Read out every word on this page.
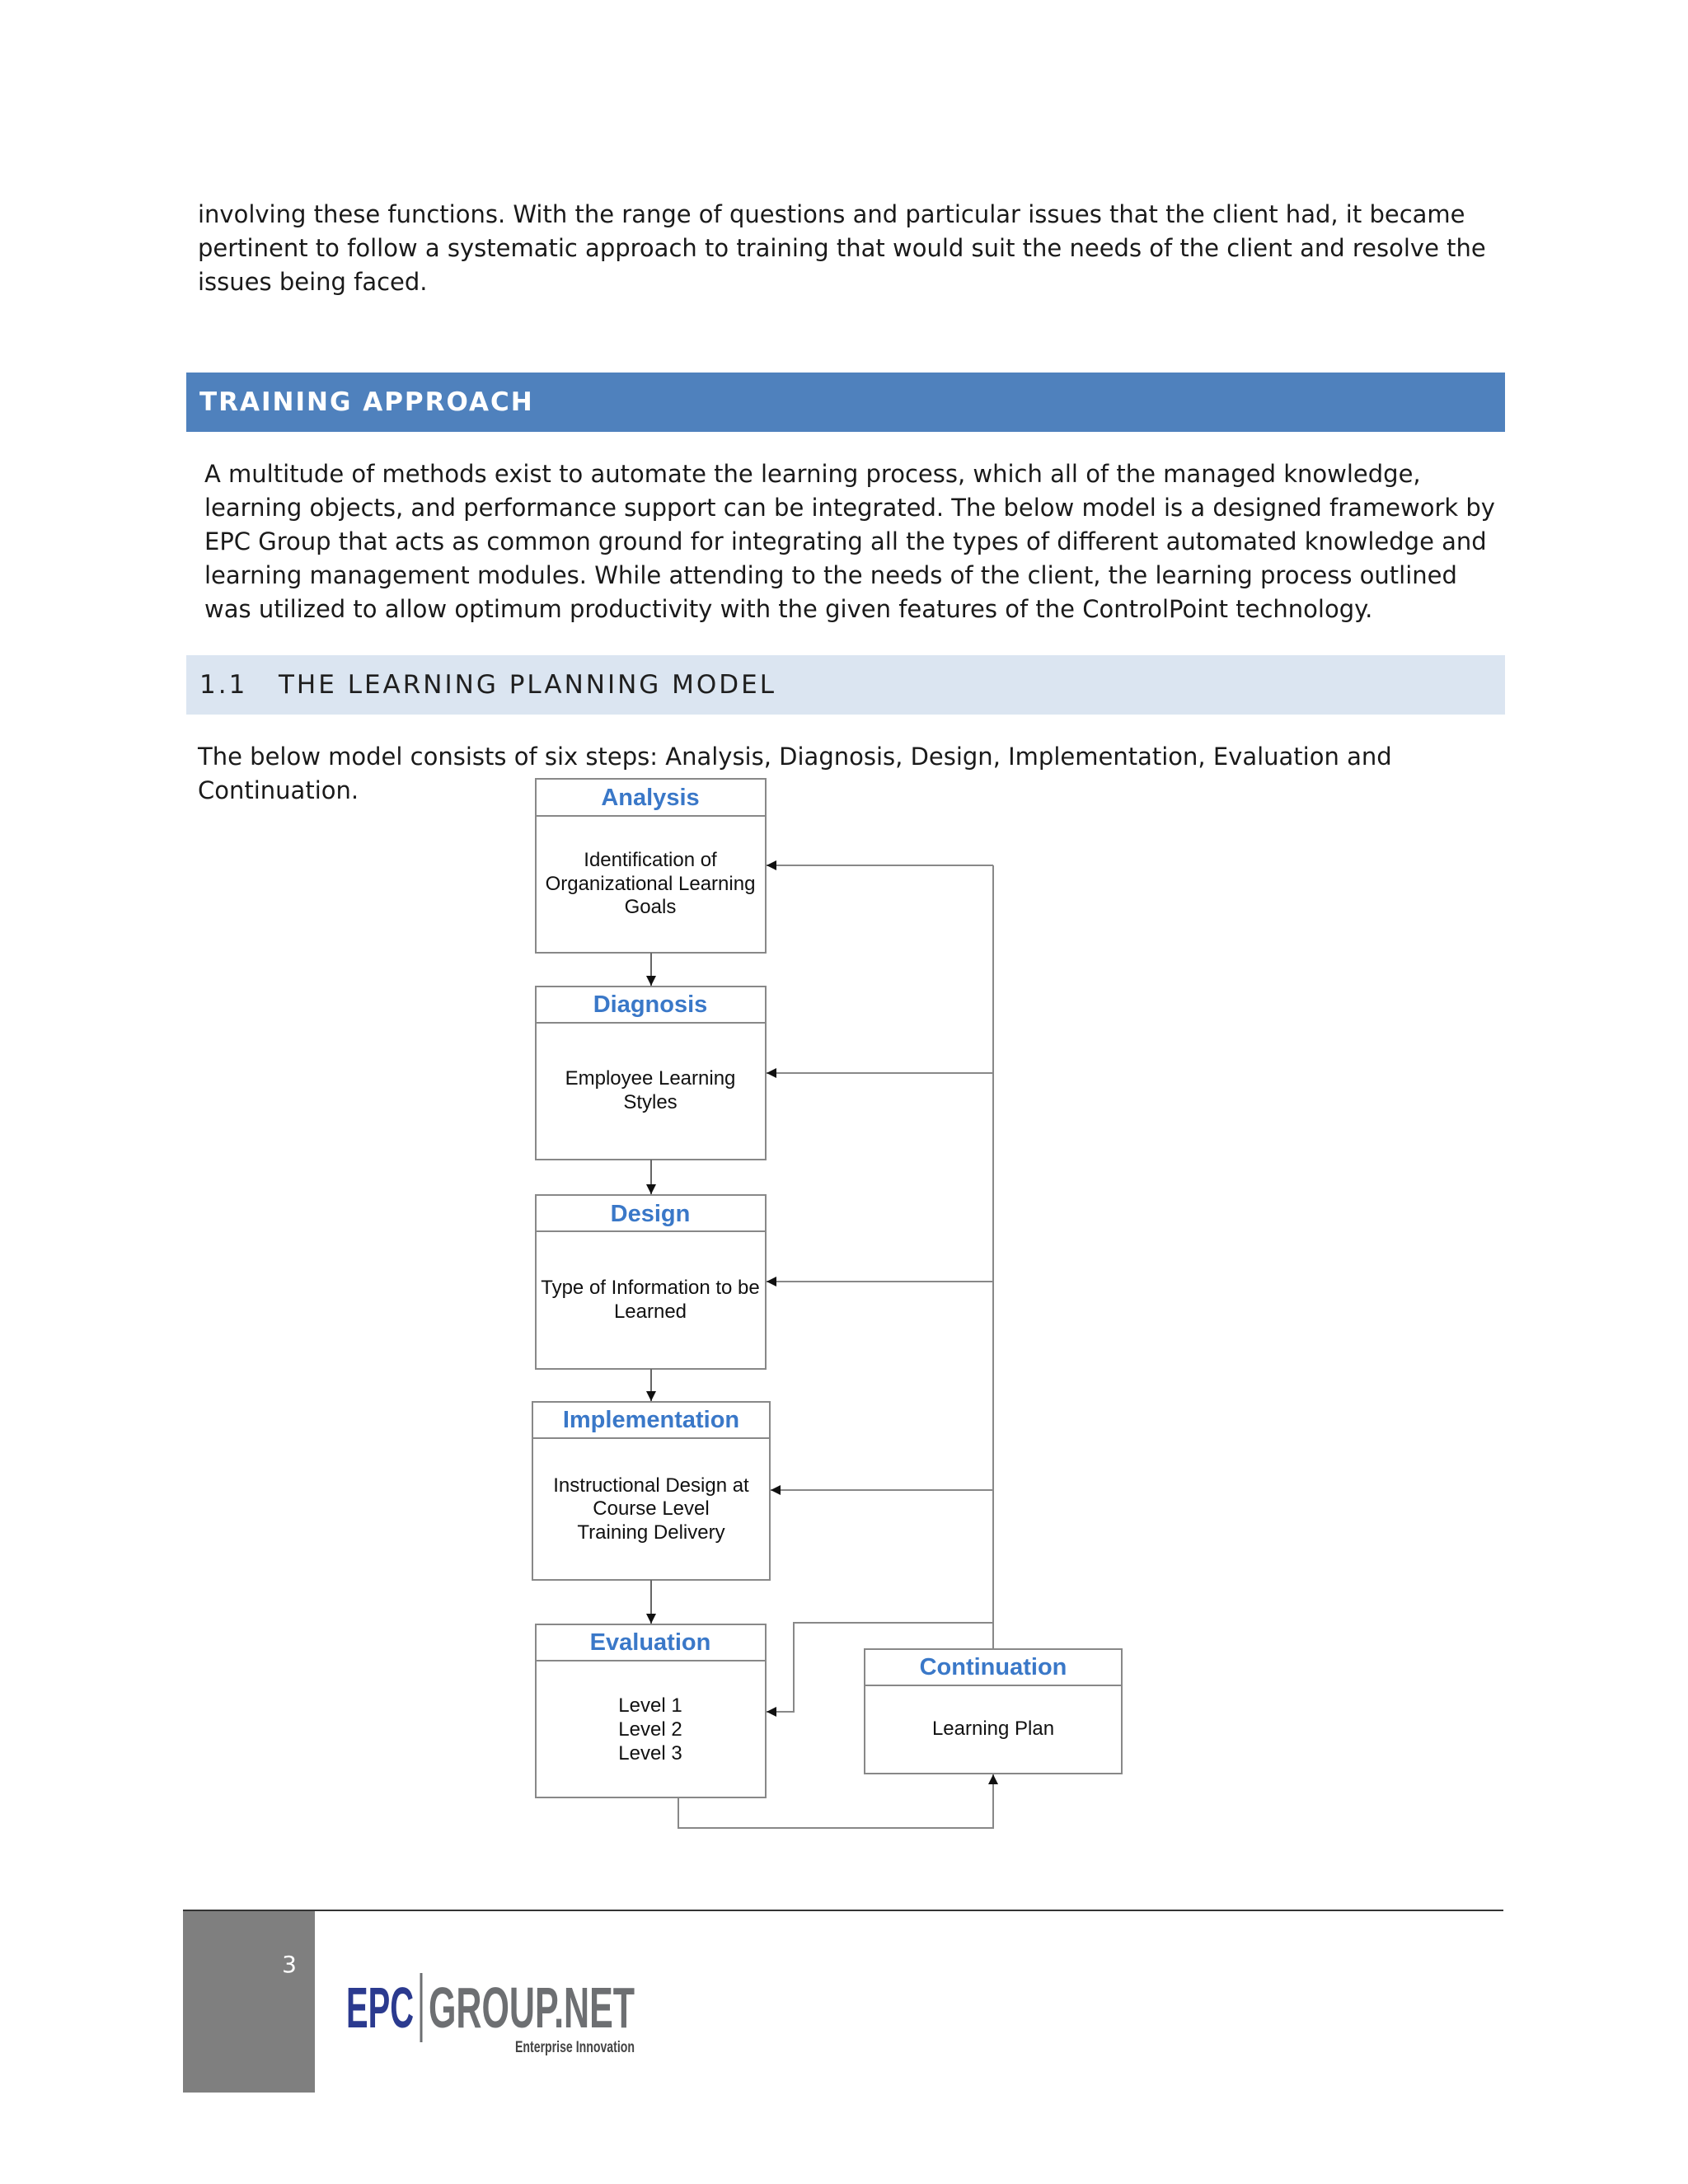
involving these functions. With the range of questions and particular issues that the client had, it became pertinent to follow a systematic approach to training that would suit the needs of the client and resolve the issues being faced.

TRAINING APPROACH

A multitude of methods exist to automate the learning process, which all of the managed knowledge, learning objects, and performance support can be integrated. The below model is a designed framework by EPC Group that acts as common ground for integrating all the types of different automated knowledge and learning management modules. While attending to the needs of the client, the learning process outlined was utilized to allow optimum productivity with the given features of the ControlPoint technology.

1.1 THE LEARNING PLANNING MODEL

The below model consists of six steps: Analysis, Diagnosis, Design, Implementation, Evaluation and Continuation.	Analysis
Identification of
Organizational Learning
Goals
Diagnosis
Employee Learning
Styles
Design
Type of Information to be
Learned
Implementation
Instructional Design at
Course Level
Training Delivery
Evaluation
Level 1
Level 2
Level 3
Continuation
Learning Plan
3
EPC GROUP.NET
Enterprise Innovation
